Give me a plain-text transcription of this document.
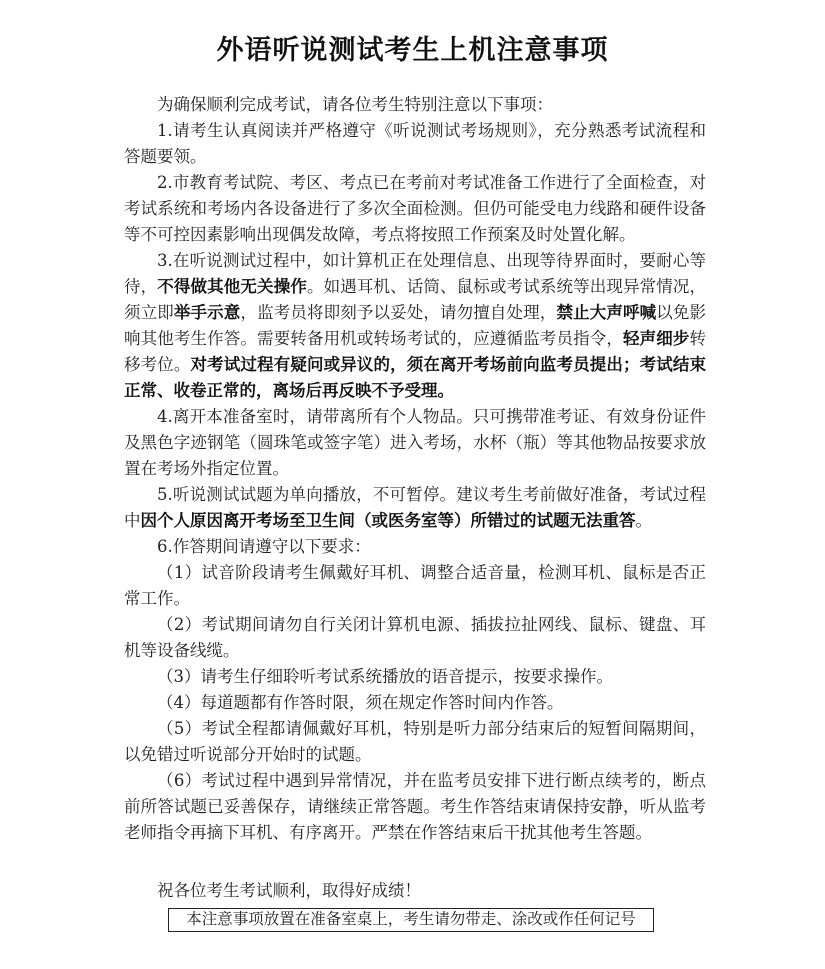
外语听说测试考生上机注意事项

为确保顺利完成考试，请各位考生特别注意以下事项：

1.请考生认真阅读并严格遵守《听说测试考场规则》，充分熟悉考试流程和答题要领。

2.市教育考试院、考区、考点已在考前对考试准备工作进行了全面检查，对考试系统和考场内各设备进行了多次全面检测。但仍可能受电力线路和硬件设备等不可控因素影响出现偶发故障，考点将按照工作预案及时处置化解。

3.在听说测试过程中，如计算机正在处理信息、出现等待界面时，要耐心等待，不得做其他无关操作。如遇耳机、话筒、鼠标或考试系统等出现异常情况，须立即举手示意，监考员将即刻予以妥处，请勿擅自处理，禁止大声呼喊以免影响其他考生作答。需要转备用机或转场考试的，应遵循监考员指令，轻声细步转移考位。对考试过程有疑问或异议的，须在离开考场前向监考员提出；考试结束正常、收卷正常的，离场后再反映不予受理。

4.离开本准备室时，请带离所有个人物品。只可携带准考证、有效身份证件及黑色字迹钢笔（圆珠笔或签字笔）进入考场，水杯（瓶）等其他物品按要求放置在考场外指定位置。

5.听说测试试题为单向播放，不可暂停。建议考生考前做好准备，考试过程中因个人原因离开考场至卫生间（或医务室等）所错过的试题无法重答。

6.作答期间请遵守以下要求：

（1）试音阶段请考生佩戴好耳机、调整合适音量，检测耳机、鼠标是否正常工作。

（2）考试期间请勿自行关闭计算机电源、插拔拉扯网线、鼠标、键盘、耳机等设备线缆。

（3）请考生仔细聆听考试系统播放的语音提示，按要求操作。

（4）每道题都有作答时限，须在规定作答时间内作答。

（5）考试全程都请佩戴好耳机，特别是听力部分结束后的短暂间隔期间，以免错过听说部分开始时的试题。

（6）考试过程中遇到异常情况，并在监考员安排下进行断点续考的，断点前所答试题已妥善保存，请继续正常答题。考生作答结束请保持安静，听从监考老师指令再摘下耳机、有序离开。严禁在作答结束后干扰其他考生答题。

祝各位考生考试顺利，取得好成绩！

本注意事项放置在准备室桌上，考生请勿带走、涂改或作任何记号
